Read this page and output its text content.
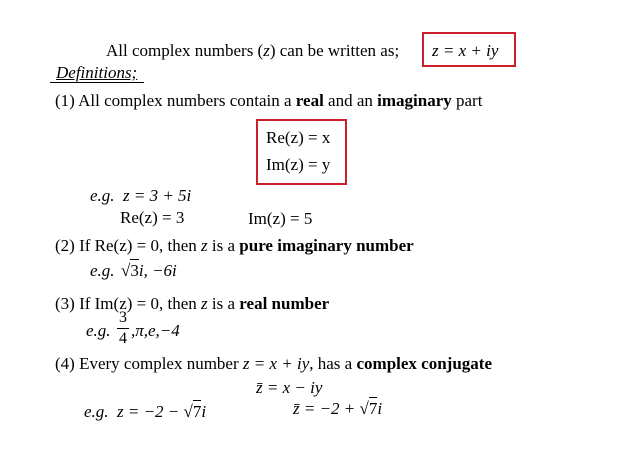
All complex numbers (z) can be written as; z = x + iy
Definitions;
(1) All complex numbers contain a real and an imaginary part
Re(z) = x
Im(z) = y
e.g. z = 3 + 5i
Re(z) = 3	Im(z) = 5
(2) If Re(z) = 0, then z is a pure imaginary number
e.g. √3i, −6i
(3) If Im(z) = 0, then z is a real number
e.g.
3
4 ,π,e,−4
(4) Every complex number z = x + iy, has a complex conjugate
z̄ = x − iy
e.g. z = −2 − √7i	z̄ = −2 + √7i
